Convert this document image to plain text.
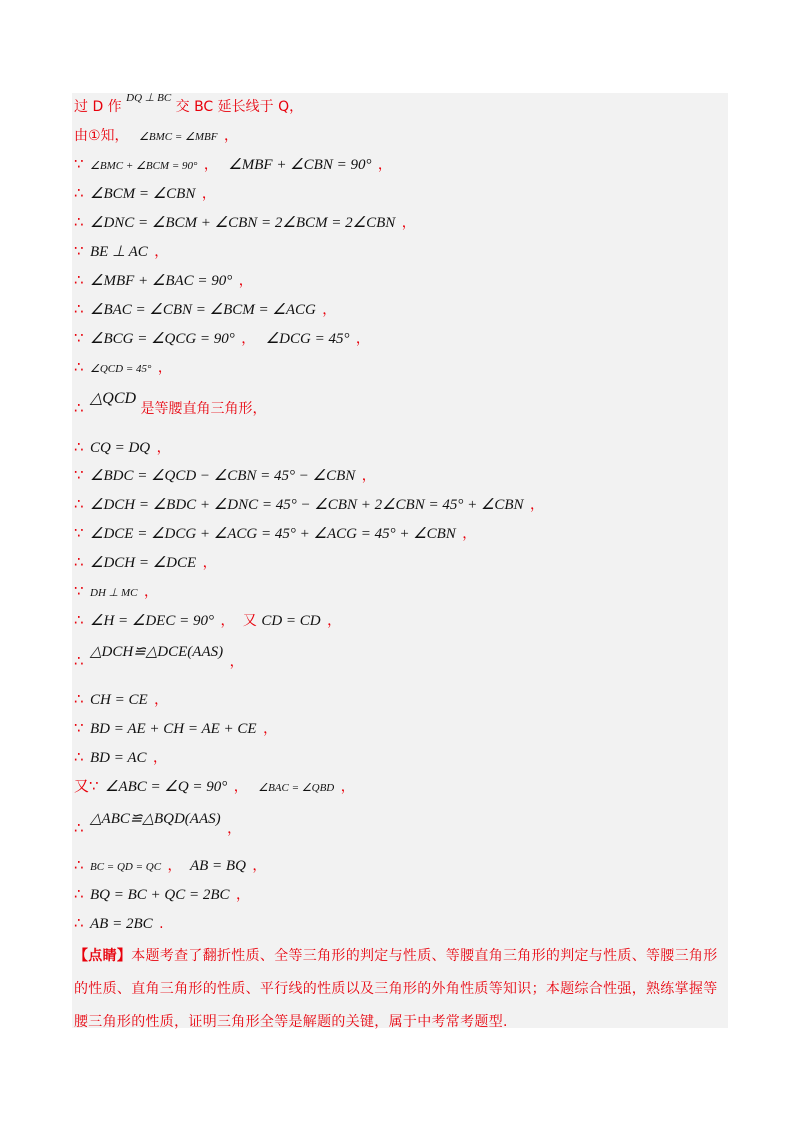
过 D 作 $^{DQ \perp BC}$ 交 BC 延长线于 Q，
由①知， ∠BMC = ∠MBF ，
∵ ∠BMC + ∠BCM = 90° ， ∠MBF + ∠CBN = 90° ，
∴ ∠BCM = ∠CBN ，
∴ ∠DNC = ∠BCM + ∠CBN = 2∠BCM = 2∠CBN ，
∵ BE ⊥ AC ，
∴ ∠MBF + ∠BAC = 90° ，
∴ ∠BAC = ∠CBN = ∠BCM = ∠ACG ，
∵ ∠BCG = ∠QCG = 90° ， ∠DCG = 45° ，
∴ ∠QCD = 45° ，
∴ △QCD 是等腰直角三角形，
∴ CQ = DQ ，
∵ ∠BDC = ∠QCD − ∠CBN = 45° − ∠CBN ，
∴ ∠DCH = ∠BDC + ∠DNC = 45° − ∠CBN + 2∠CBN = 45° + ∠CBN ，
∵ ∠DCE = ∠DCG + ∠ACG = 45° + ∠ACG = 45° + ∠CBN ，
∴ ∠DCH = ∠DCE ，
∵ DH ⊥ MC ，
∴ ∠H = ∠DEC = 90° ， 又 CD = CD ，
∴ △DCH≌△DCE(AAS) ，
∴ CH = CE ，
∵ BD = AE + CH = AE + CE ，
∴ BD = AC ，
又∵ ∠ABC = ∠Q = 90° ， ∠BAC = ∠QBD ，
∴ △ABC≌△BQD(AAS) ，
∴ BC = QD = QC ， AB = BQ ，
∴ BQ = BC + QC = 2BC ，
∴ AB = 2BC .
【点睛】本题考查了翻折性质、全等三角形的判定与性质、等腰直角三角形的判定与性质、等腰三角形的性质、直角三角形的性质、平行线的性质以及三角形的外角性质等知识；本题综合性强，熟练掌握等腰三角形的性质，证明三角形全等是解题的关键，属于中考常考题型.
